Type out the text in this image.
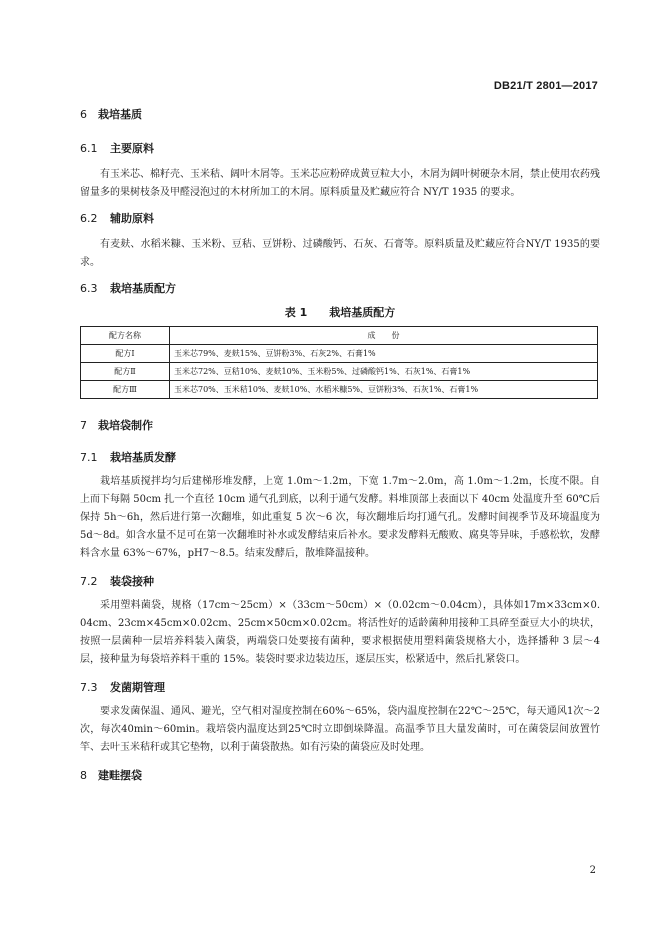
DB21/T 2801—2017
6 栽培基质
6.1 主要原料

有玉米芯、棉籽壳、玉米秸、阔叶木屑等。玉米芯应粉碎成黄豆粒大小，木屑为阔叶树硬杂木屑，禁止使用农药残留量多的果树枝条及甲醛浸泡过的木材所加工的木屑。原料质量及贮藏应符合 NY/T 1935 的要求。

6.2 辅助原料

有麦麸、水稻米糠、玉米粉、豆秸、豆饼粉、过磷酸钙、石灰、石膏等。原料质量及贮藏应符合NY/T 1935的要求。

6.3 栽培基质配方
表 1　　栽培基质配方
配方名称	成　　份
配方Ⅰ	玉米芯79%、麦麸15%、豆饼粉3%、石灰2%、石膏1%
配方Ⅱ	玉米芯72%、豆秸10%、麦麸10%、玉米粉5%、过磷酸钙1%、石灰1%、石膏1%
配方Ⅲ	玉米芯70%、玉米秸10%、麦麸10%、水稻米糠5%、豆饼粉3%、石灰1%、石膏1%
7 栽培袋制作
7.1 栽培基质发酵

栽培基质搅拌均匀后建梯形堆发酵，上宽 1.0m～1.2m，下宽 1.7m～2.0m，高 1.0m～1.2m，长度不限。自上而下每隔 50cm 扎一个直径 10cm 通气孔到底，以利于通气发酵。料堆顶部上表面以下 40cm 处温度升至 60℃后保持 5h～6h，然后进行第一次翻堆，如此重复 5 次～6 次，每次翻堆后均打通气孔。发酵时间视季节及环境温度为 5d～8d。如含水量不足可在第一次翻堆时补水或发酵结束后补水。要求发酵料无酸败、腐臭等异味，手感松软，发酵料含水量 63%～67%，pH7～8.5。结束发酵后，散堆降温接种。

7.2 装袋接种

采用塑料菌袋，规格（17cm～25cm）×（33cm～50cm）×（0.02cm～0.04cm），具体如17m×33cm×0.04cm、23cm×45cm×0.02cm、25cm×50cm×0.02cm。将活性好的适龄菌种用接种工具碎至蚕豆大小的块状，按照一层菌种一层培养料装入菌袋，两端袋口处要接有菌种，要求根据使用塑料菌袋规格大小，选择播种 3 层～4 层，接种量为每袋培养料干重的 15%。装袋时要求边装边压，逐层压实，松紧适中，然后扎紧袋口。

7.3 发菌期管理

要求发菌保温、通风、避光，空气相对湿度控制在60%～65%，袋内温度控制在22℃～25℃，每天通风1次～2次，每次40min～60min。栽培袋内温度达到25℃时立即倒垛降温。高温季节且大量发菌时，可在菌袋层间放置竹竿、去叶玉米秸秆或其它垫物，以利于菌袋散热。如有污染的菌袋应及时处理。

8 建畦摆袋
2
